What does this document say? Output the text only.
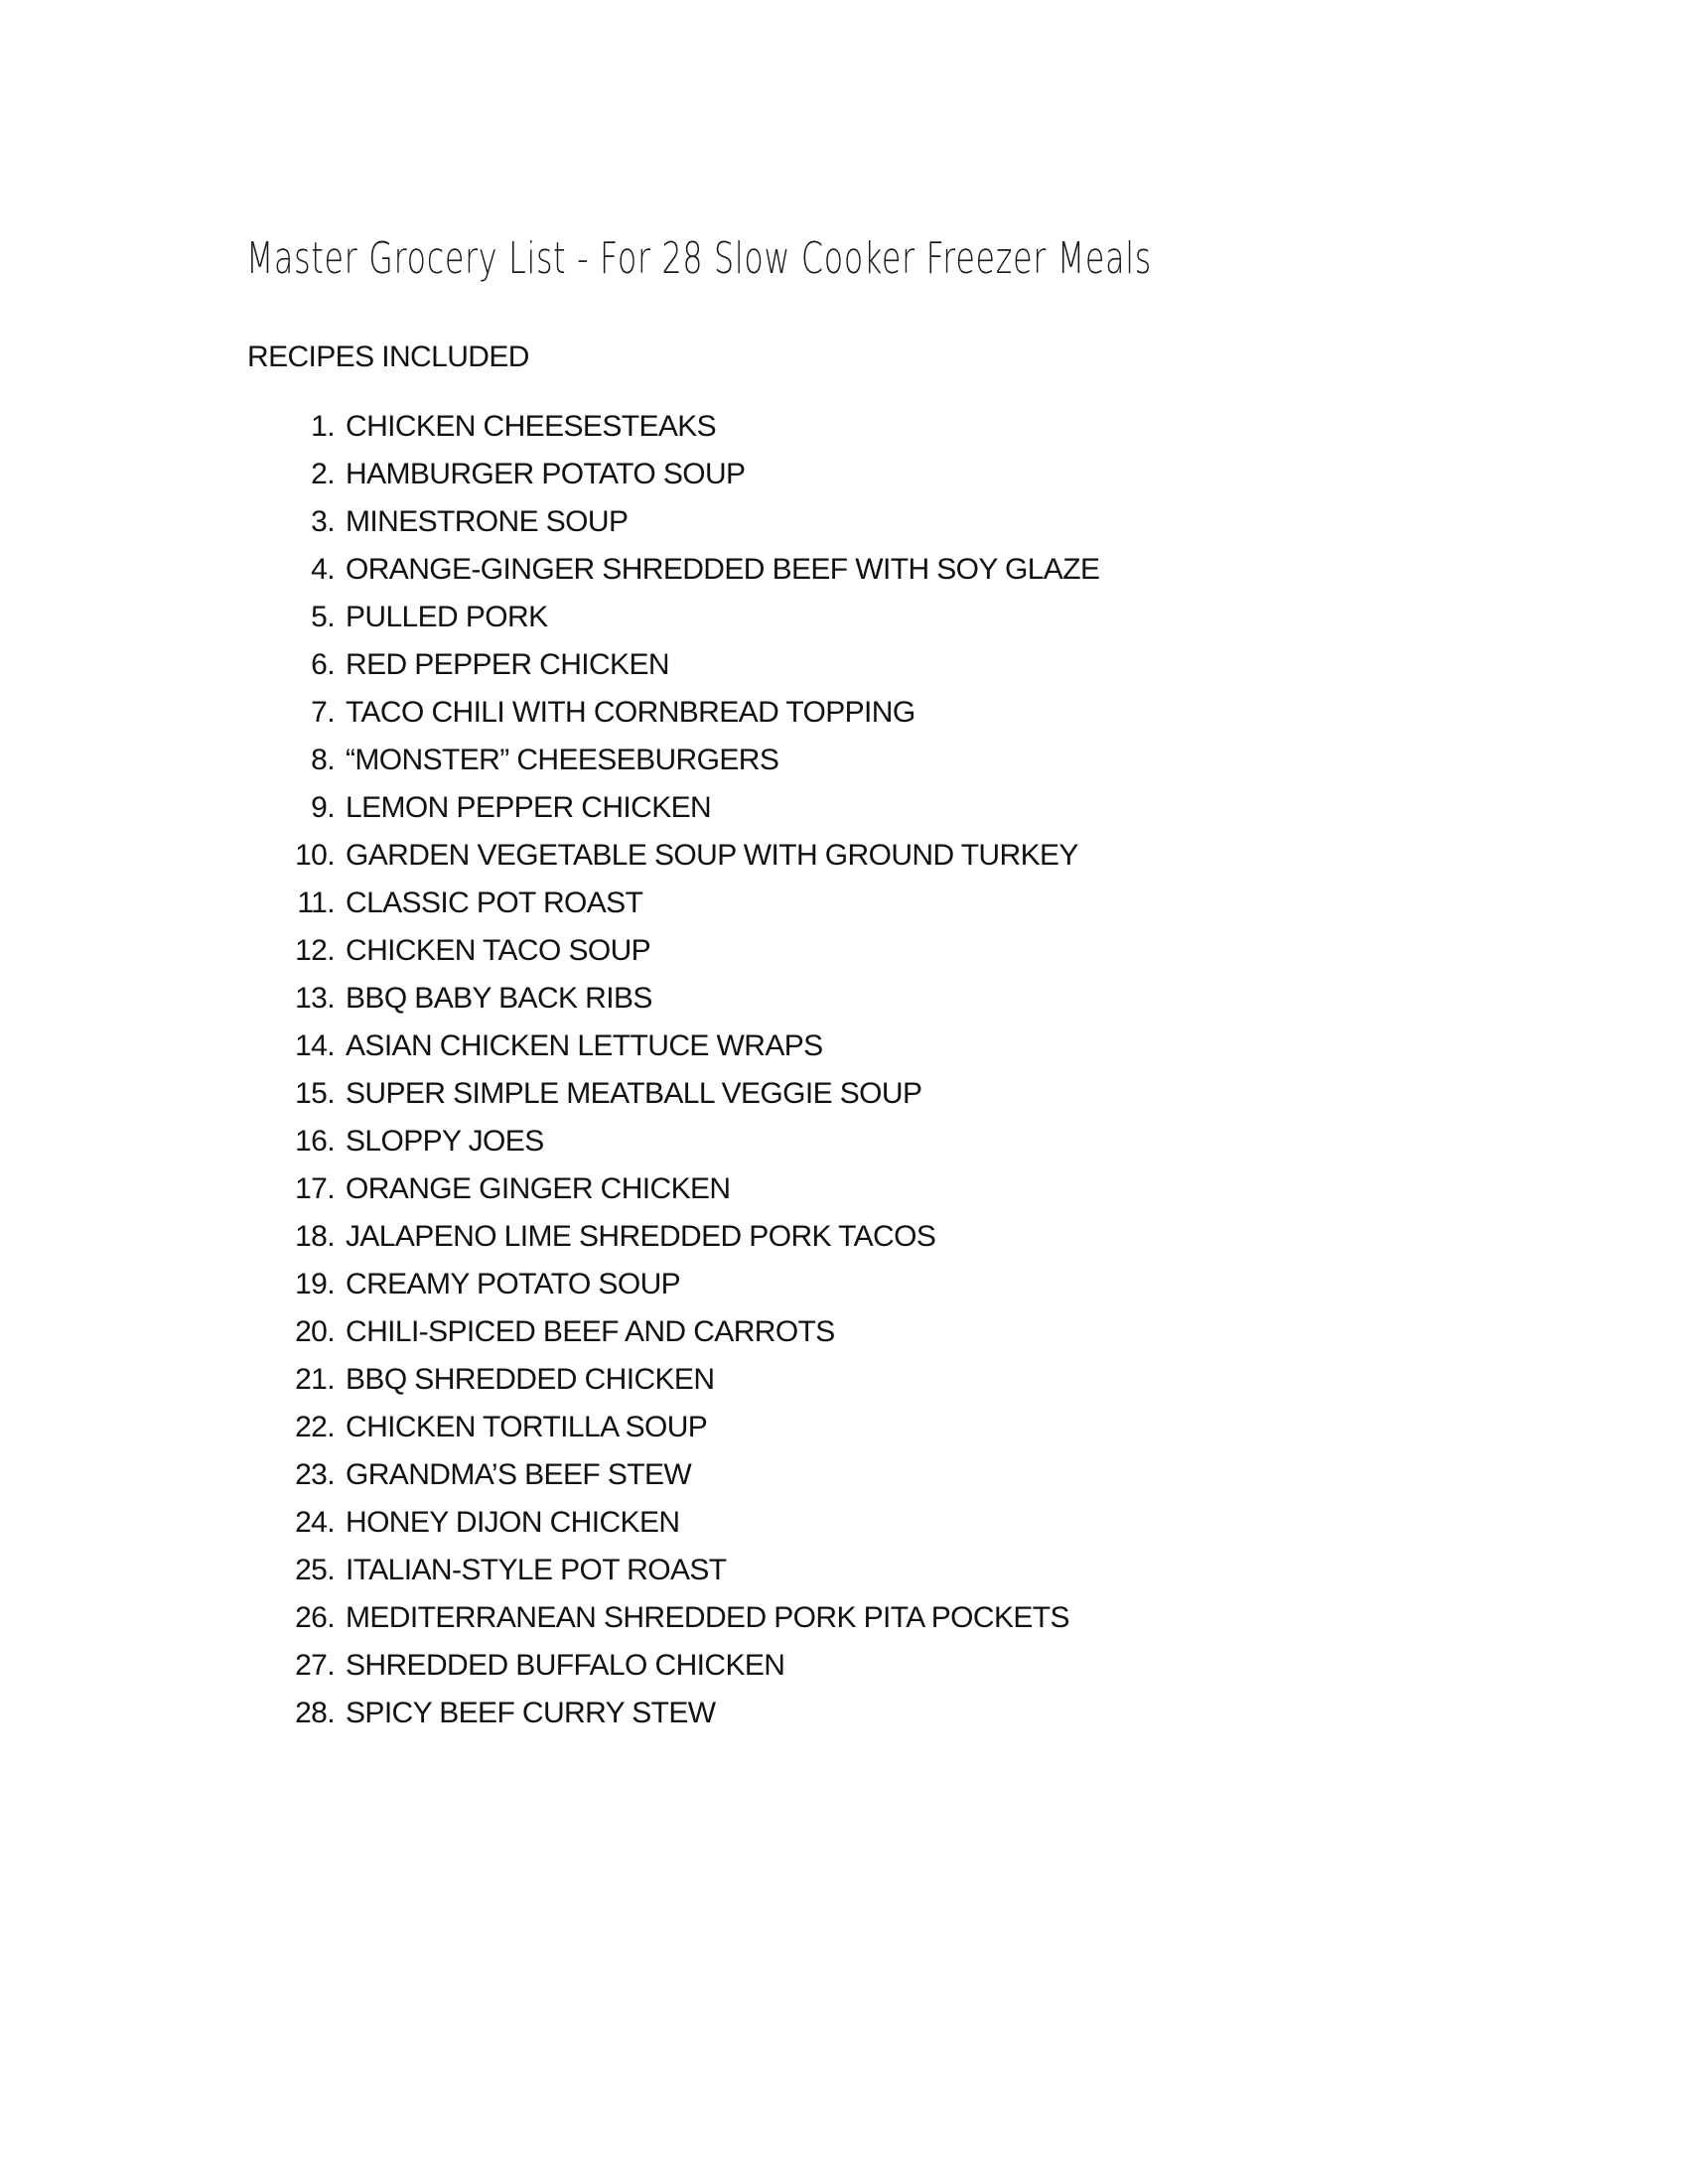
Master Grocery List - For 28 Slow Cooker Freezer Meals
RECIPES INCLUDED
1. CHICKEN CHEESESTEAKS
2. HAMBURGER POTATO SOUP
3. MINESTRONE SOUP
4. ORANGE-GINGER SHREDDED BEEF WITH SOY GLAZE
5. PULLED PORK
6. RED PEPPER CHICKEN
7. TACO CHILI WITH CORNBREAD TOPPING
8. “MONSTER” CHEESEBURGERS
9. LEMON PEPPER CHICKEN
10. GARDEN VEGETABLE SOUP WITH GROUND TURKEY
11. CLASSIC POT ROAST
12. CHICKEN TACO SOUP
13. BBQ BABY BACK RIBS
14. ASIAN CHICKEN LETTUCE WRAPS
15. SUPER SIMPLE MEATBALL VEGGIE SOUP
16. SLOPPY JOES
17. ORANGE GINGER CHICKEN
18. JALAPENO LIME SHREDDED PORK TACOS
19. CREAMY POTATO SOUP
20. CHILI-SPICED BEEF AND CARROTS
21. BBQ SHREDDED CHICKEN
22. CHICKEN TORTILLA SOUP
23. GRANDMA’S BEEF STEW
24. HONEY DIJON CHICKEN
25. ITALIAN-STYLE POT ROAST
26. MEDITERRANEAN SHREDDED PORK PITA POCKETS
27. SHREDDED BUFFALO CHICKEN
28. SPICY BEEF CURRY STEW
